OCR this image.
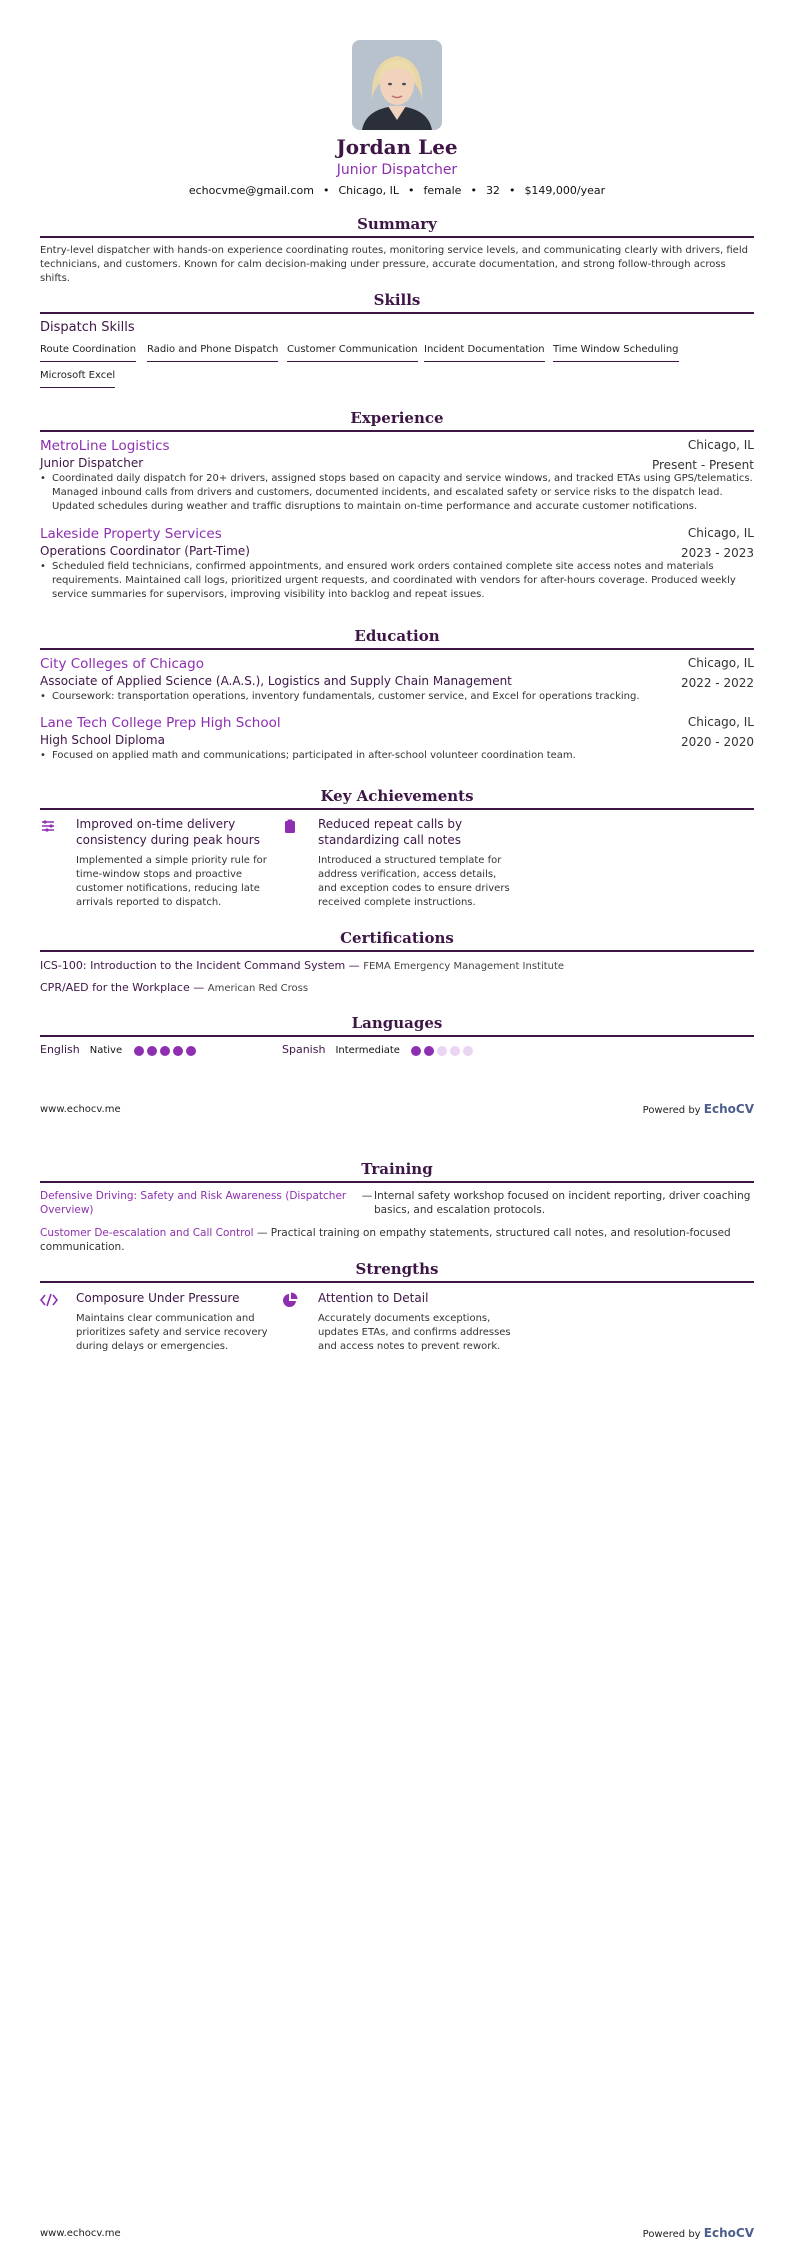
Jordan Lee
Junior Dispatcher
echocvme@gmail.com • Chicago, IL • female • 32 • $149,000/year
Summary
Entry-level dispatcher with hands-on experience coordinating routes, monitoring service levels, and communicating clearly with drivers, field technicians, and customers. Known for calm decision-making under pressure, accurate documentation, and strong follow-through across shifts.
Skills
Dispatch Skills
Route Coordination Radio and Phone Dispatch Customer Communication Incident Documentation Time Window Scheduling
Microsoft Excel
Experience
MetroLine Logistics	Chicago, IL
Junior Dispatcher	Present - Present
• Coordinated daily dispatch for 20+ drivers, assigned stops based on capacity and service windows, and tracked ETAs using GPS/telematics. Managed inbound calls from drivers and customers, documented incidents, and escalated safety or service risks to the dispatch lead. Updated schedules during weather and traffic disruptions to maintain on-time performance and accurate customer notifications.
Lakeside Property Services	Chicago, IL
Operations Coordinator (Part-Time)	2023 - 2023
• Scheduled field technicians, confirmed appointments, and ensured work orders contained complete site access notes and materials requirements. Maintained call logs, prioritized urgent requests, and coordinated with vendors for after-hours coverage. Produced weekly service summaries for supervisors, improving visibility into backlog and repeat issues.
Education
City Colleges of Chicago	Chicago, IL
Associate of Applied Science (A.A.S.), Logistics and Supply Chain Management	2022 - 2022
• Coursework: transportation operations, inventory fundamentals, customer service, and Excel for operations tracking.
Lane Tech College Prep High School	Chicago, IL
High School Diploma	2020 - 2020
• Focused on applied math and communications; participated in after-school volunteer coordination team.
Key Achievements
Improved on-time delivery consistency during peak hours
Implemented a simple priority rule for time-window stops and proactive customer notifications, reducing late arrivals reported to dispatch.
Reduced repeat calls by standardizing call notes
Introduced a structured template for address verification, access details, and exception codes to ensure drivers received complete instructions.
Certifications
ICS-100: Introduction to the Incident Command System — FEMA Emergency Management Institute
CPR/AED for the Workplace — American Red Cross
Languages
English Native	Spanish Intermediate
www.echocv.me	Powered by EchoCV
Training
Defensive Driving: Safety and Risk Awareness (Dispatcher Overview)
— Internal safety workshop focused on incident reporting, driver coaching basics, and escalation protocols.
Customer De-escalation and Call Control — Practical training on empathy statements, structured call notes, and resolution-focused communication.
Strengths
Composure Under Pressure
Maintains clear communication and prioritizes safety and service recovery during delays or emergencies.
Attention to Detail
Accurately documents exceptions, updates ETAs, and confirms addresses and access notes to prevent rework.
www.echocv.me	Powered by EchoCV
